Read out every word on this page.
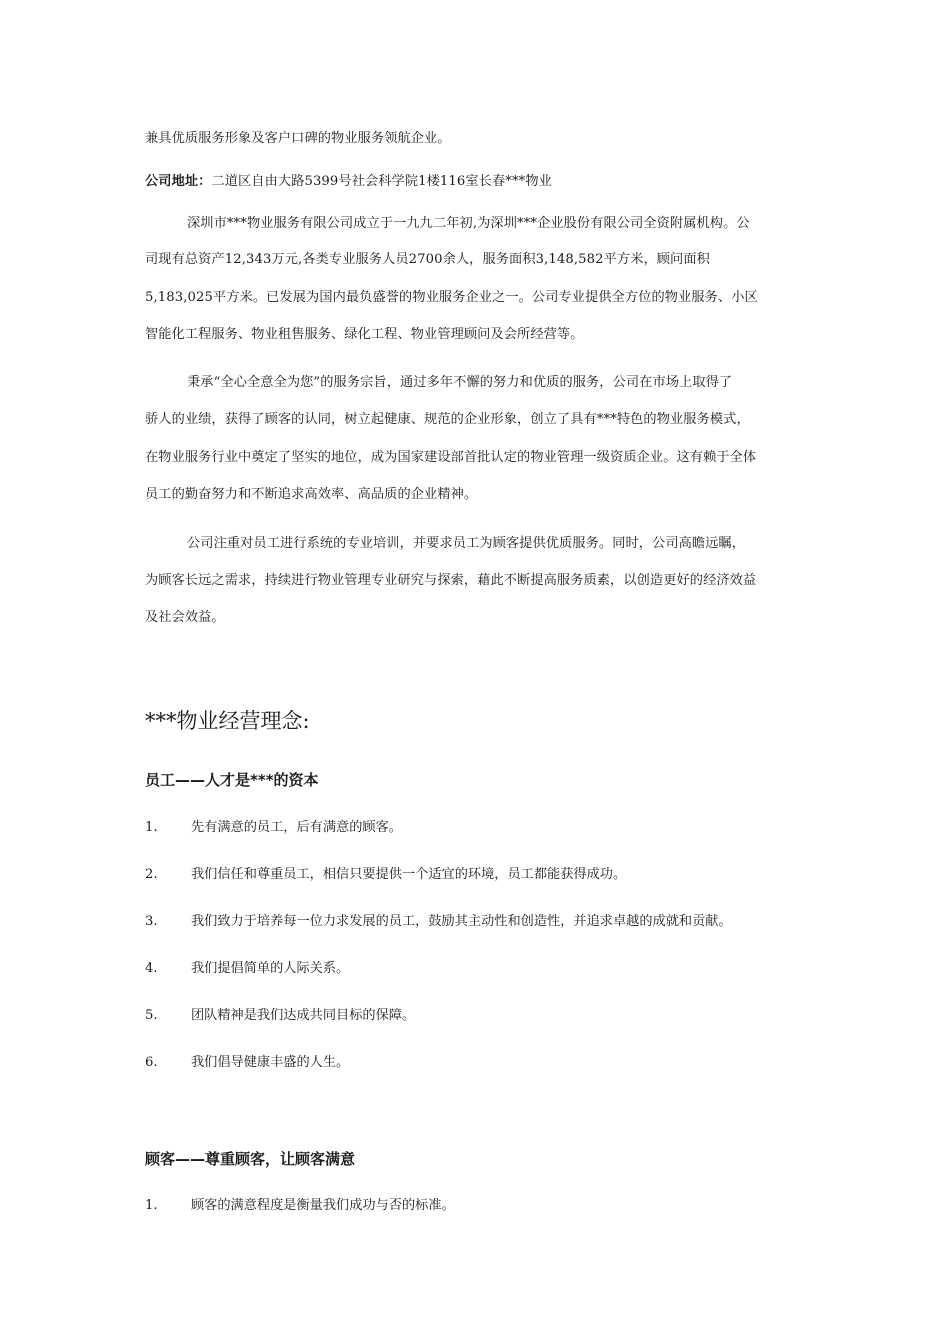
兼具优质服务形象及客户口碑的物业服务领航企业。
公司地址：二道区自由大路5399号社会科学院1楼116室长春***物业
深圳市***物业服务有限公司成立于一九九二年初,为深圳***企业股份有限公司全资附属机构。公
司现有总资产12,343万元,各类专业服务人员2700余人，服务面积3,148,582平方米，顾问面积
5,183,025平方米。已发展为国内最负盛誉的物业服务企业之一。公司专业提供全方位的物业服务、小区
智能化工程服务、物业租售服务、绿化工程、物业管理顾问及会所经营等。
秉承“全心全意全为您”的服务宗旨，通过多年不懈的努力和优质的服务，公司在市场上取得了
骄人的业绩，获得了顾客的认同，树立起健康、规范的企业形象，创立了具有***特色的物业服务模式，
在物业服务行业中奠定了坚实的地位，成为国家建设部首批认定的物业管理一级资质企业。这有赖于全体
员工的勤奋努力和不断追求高效率、高品质的企业精神。
公司注重对员工进行系统的专业培训，并要求员工为顾客提供优质服务。同时，公司高瞻远瞩，
为顾客长远之需求，持续进行物业管理专业研究与探索，藉此不断提高服务质素，以创造更好的经济效益
及社会效益。
***物业经营理念:
员工——人才是***的资本
1.	先有满意的员工，后有满意的顾客。
2.	我们信任和尊重员工，相信只要提供一个适宜的环境，员工都能获得成功。
3.	我们致力于培养每一位力求发展的员工，鼓励其主动性和创造性，并追求卓越的成就和贡献。
4.	我们提倡简单的人际关系。
5.	团队精神是我们达成共同目标的保障。
6.	我们倡导健康丰盛的人生。
顾客——尊重顾客，让顾客满意
1.	顾客的满意程度是衡量我们成功与否的标准。
